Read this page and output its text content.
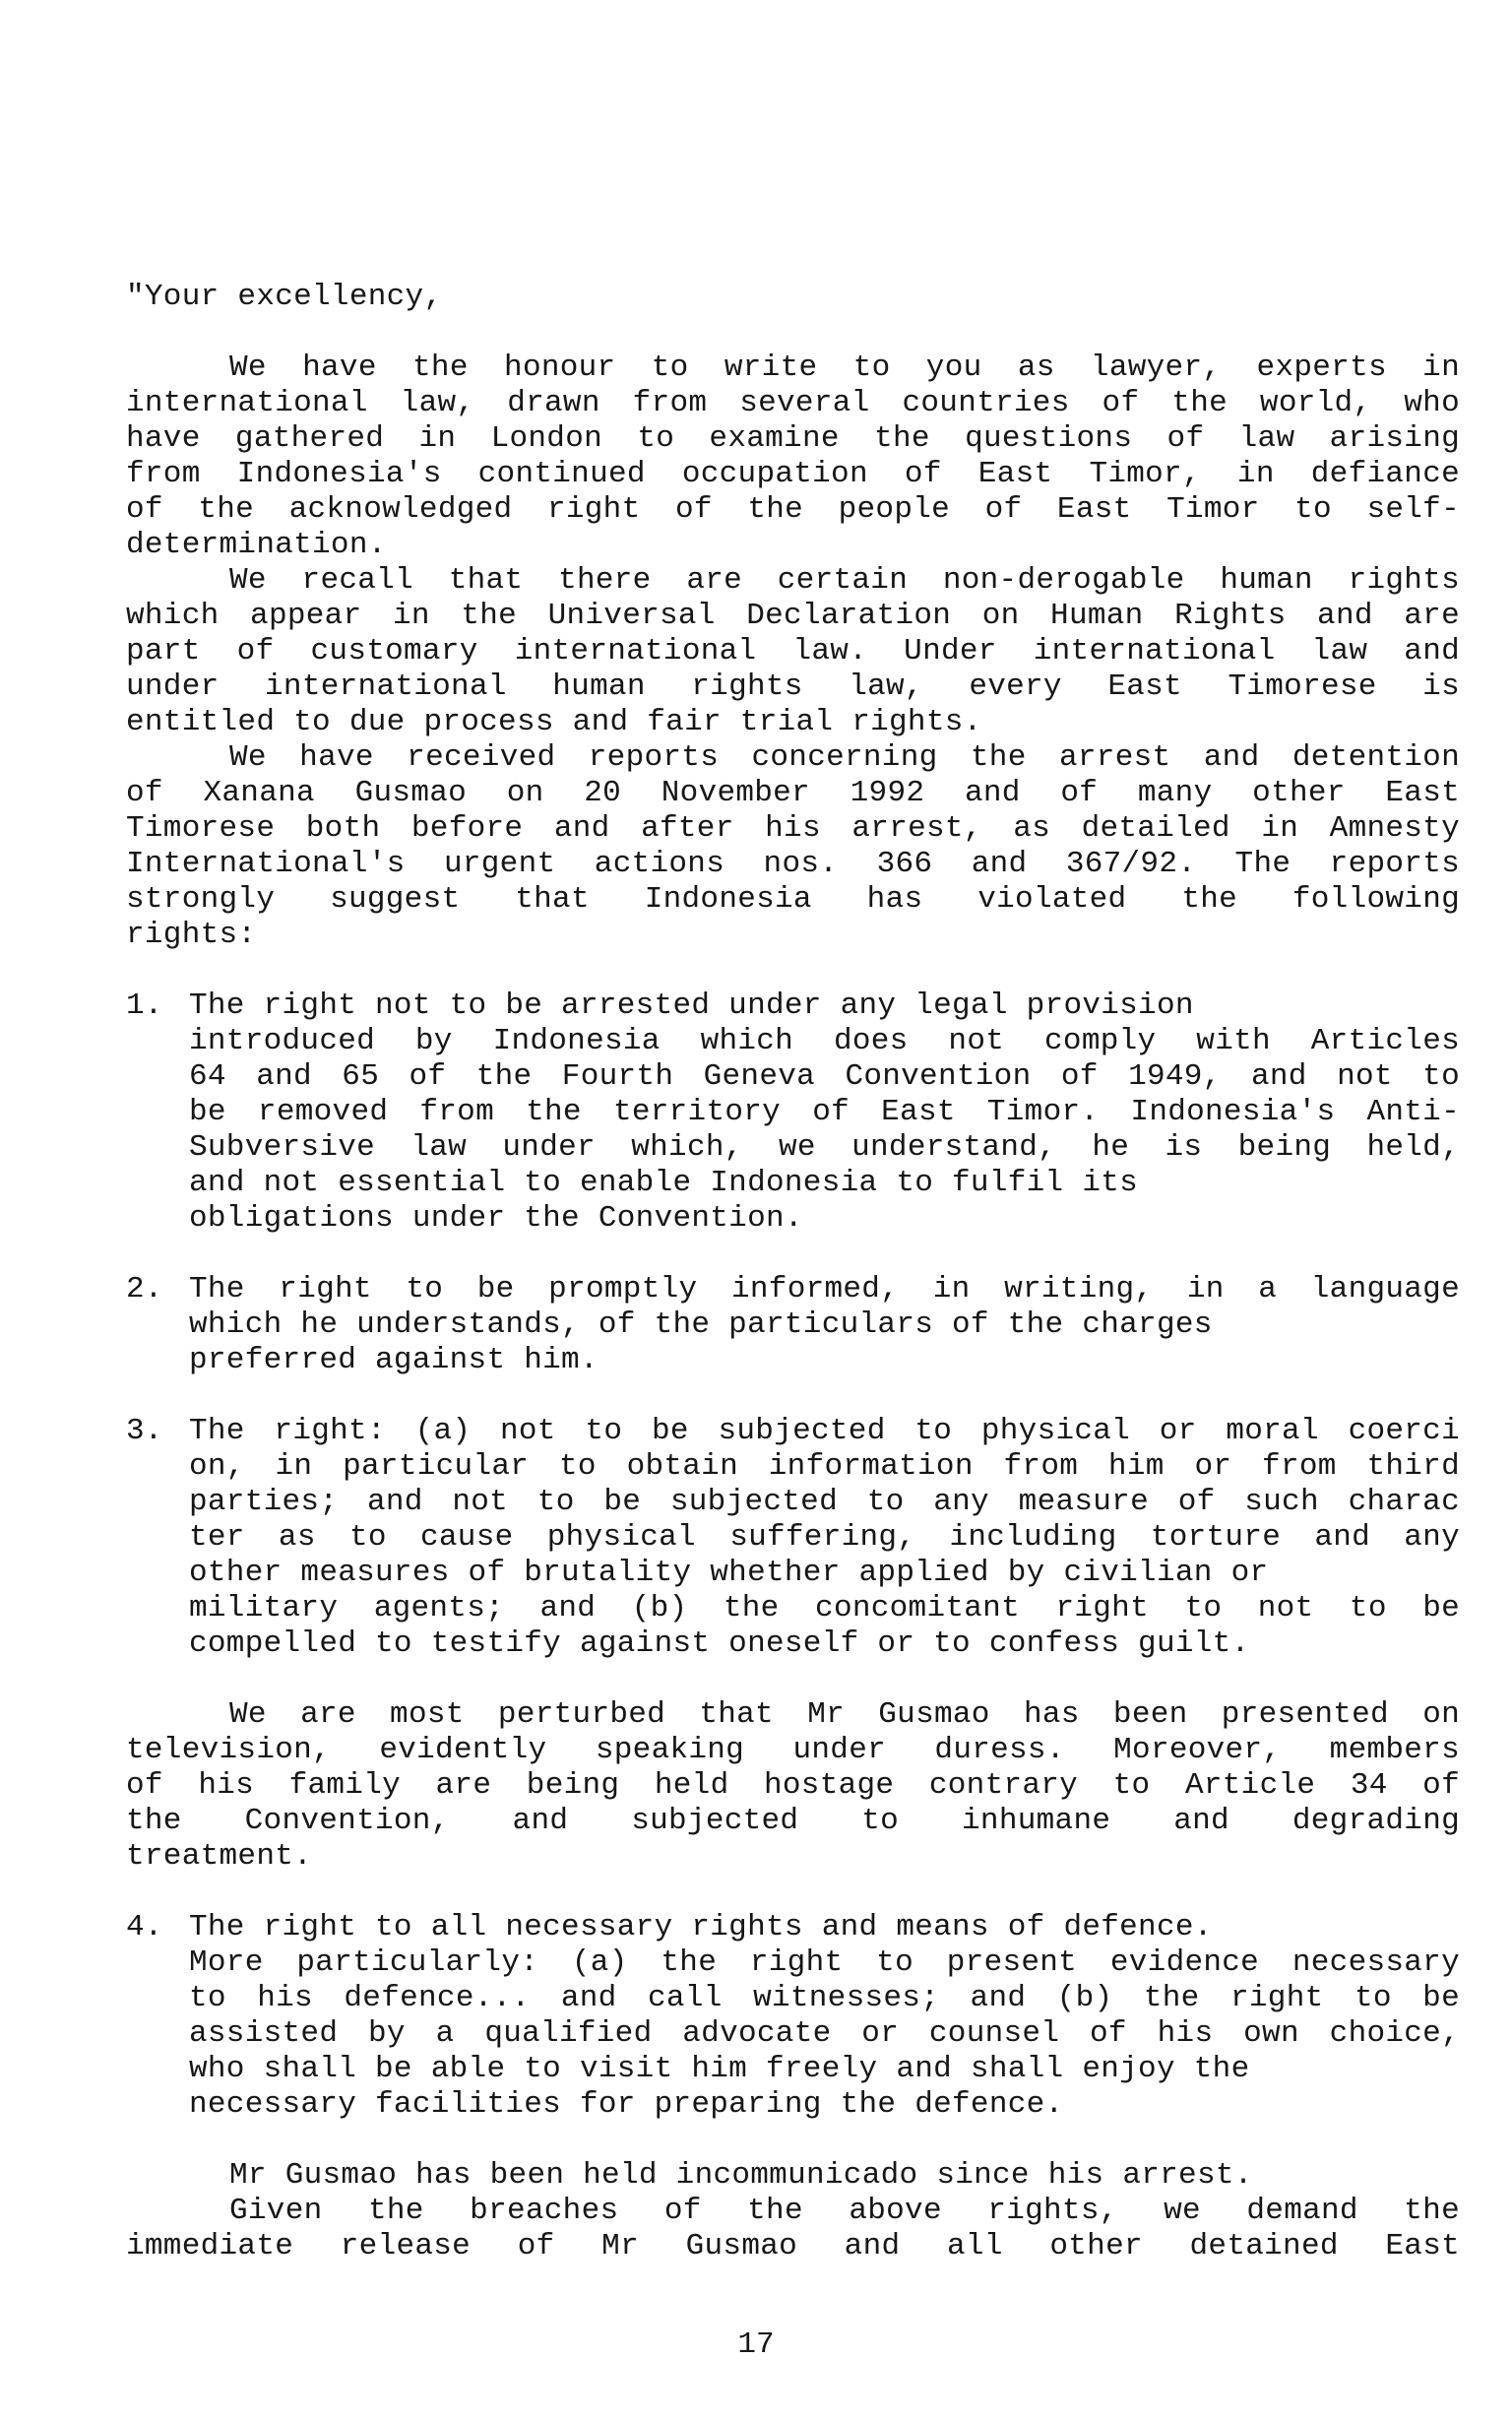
"Your excellency,
We have the honour to write to you as lawyer, experts in
international law, drawn from several countries of the world, who
have gathered in London to examine the questions of law arising
from Indonesia's continued occupation of East Timor, in defiance
of the acknowledged right of the people of East Timor to self-
determination.
We recall that there are certain non-derogable human rights
which appear in the Universal Declaration on Human Rights and are
part of customary international law. Under international law and
under international human rights law, every East Timorese is
entitled to due process and fair trial rights.
We have received reports concerning the arrest and detention
of Xanana Gusmao on 20 November 1992 and of many other East
Timorese both before and after his arrest, as detailed in Amnesty
International's urgent actions nos. 366 and 367/92. The reports
strongly suggest that Indonesia has violated the following
rights:
1. The right not to be arrested under any legal provision
introduced by Indonesia which does not comply with Articles
64 and 65 of the Fourth Geneva Convention of 1949, and not to
be removed from the territory of East Timor. Indonesia's Anti-
Subversive law under which, we understand, he is being held,
and not essential to enable Indonesia to fulfil its
obligations under the Convention.
2. The right to be promptly informed, in writing, in a language
which he understands, of the particulars of the charges
preferred against him.
3. The right: (a) not to be subjected to physical or moral coerci
on, in particular to obtain information from him or from third
parties; and not to be subjected to any measure of such charac
ter as to cause physical suffering, including torture and any
other measures of brutality whether applied by civilian or
military agents; and (b) the concomitant right to not to be
compelled to testify against oneself or to confess guilt.
We are most perturbed that Mr Gusmao has been presented on
television, evidently speaking under duress. Moreover, members
of his family are being held hostage contrary to Article 34 of
the Convention, and subjected to inhumane and degrading
treatment.
4. The right to all necessary rights and means of defence.
More particularly: (a) the right to present evidence necessary
to his defence... and call witnesses; and (b) the right to be
assisted by a qualified advocate or counsel of his own choice,
who shall be able to visit him freely and shall enjoy the
necessary facilities for preparing the defence.
Mr Gusmao has been held incommunicado since his arrest.
Given the breaches of the above rights, we demand the
immediate release of Mr Gusmao and all other detained East
17
